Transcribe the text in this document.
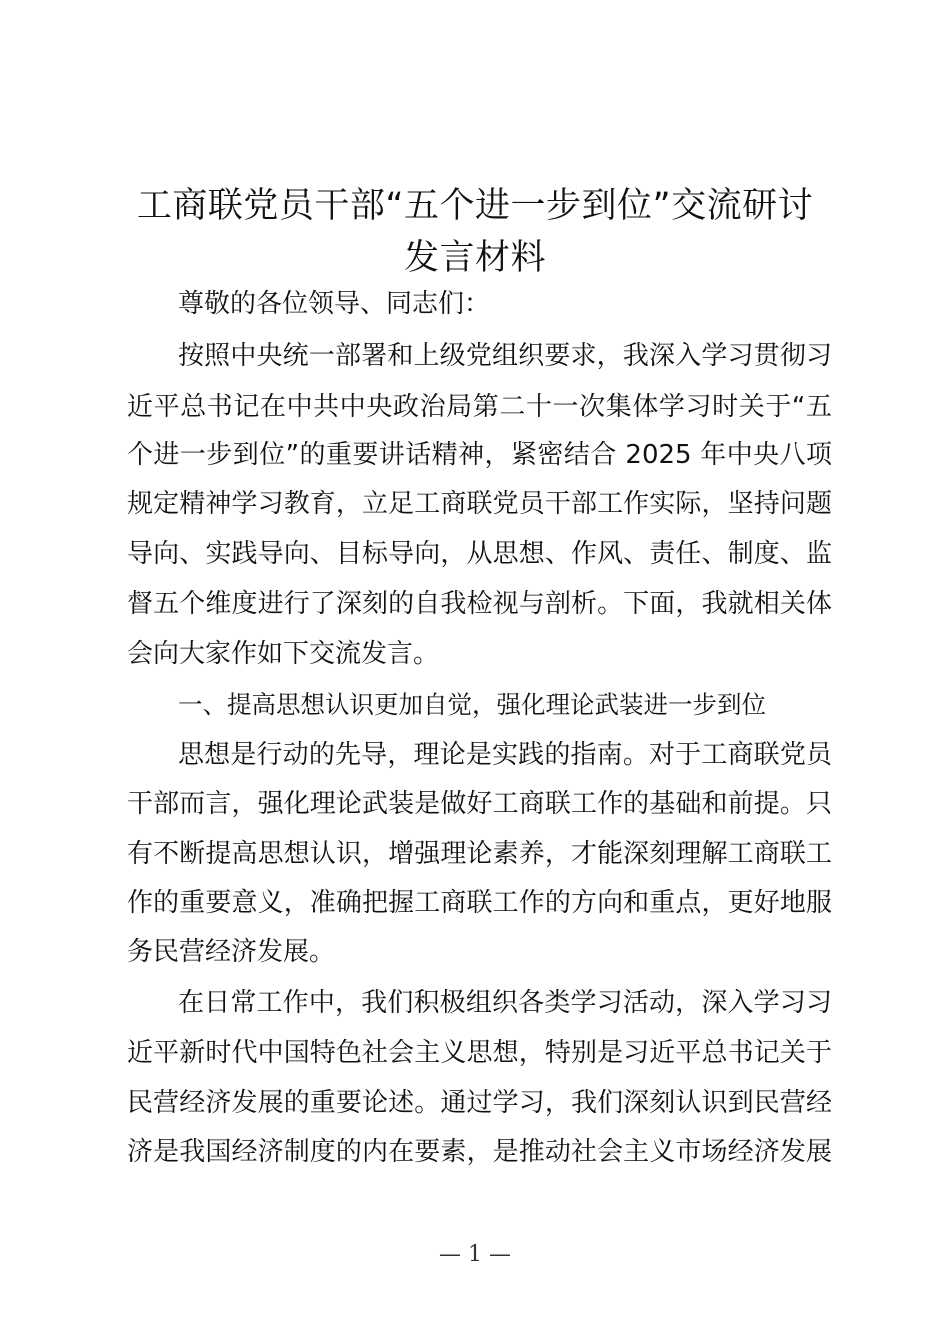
工商联党员干部“五个进一步到位”交流研讨
发言材料
尊敬的各位领导、同志们：
按照中央统一部署和上级党组织要求，我深入学习贯彻习
近平总书记在中共中央政治局第二十一次集体学习时关于“五
个进一步到位”的重要讲话精神，紧密结合 2025 年中央八项
规定精神学习教育，立足工商联党员干部工作实际，坚持问题
导向、实践导向、目标导向，从思想、作风、责任、制度、监
督五个维度进行了深刻的自我检视与剖析。下面，我就相关体
会向大家作如下交流发言。
一、提高思想认识更加自觉，强化理论武装进一步到位
思想是行动的先导，理论是实践的指南。对于工商联党员
干部而言，强化理论武装是做好工商联工作的基础和前提。只
有不断提高思想认识，增强理论素养，才能深刻理解工商联工
作的重要意义，准确把握工商联工作的方向和重点，更好地服
务民营经济发展。
在日常工作中，我们积极组织各类学习活动，深入学习习
近平新时代中国特色社会主义思想，特别是习近平总书记关于
民营经济发展的重要论述。通过学习，我们深刻认识到民营经
济是我国经济制度的内在要素，是推动社会主义市场经济发展
— 1 —
